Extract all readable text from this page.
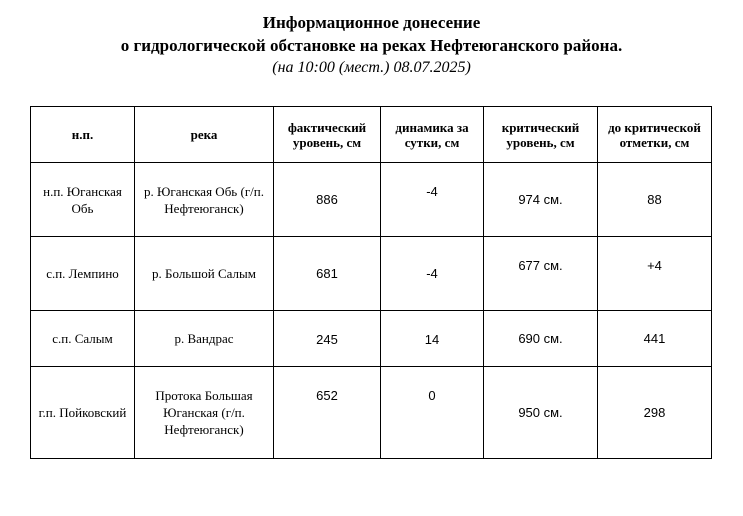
Информационное донесение
о гидрологической обстановке на реках Нефтеюганского района.
(на 10:00 (мест.) 08.07.2025)
н.п.	река	фактический уровень, см	динамика за сутки, см	критический уровень, см	до критической отметки, см
н.п. Юганская Обь	р. Юганская Обь (г/п. Нефтеюганск)	886	-4	974 см.	88
с.п. Лемпино	р. Большой Салым	681	-4	677 см.	+4
с.п. Салым	р. Вандрас	245	14	690 см.	441
г.п. Пойковский	Протока Большая Юганская (г/п. Нефтеюганск)	652	0	950 см.	298
